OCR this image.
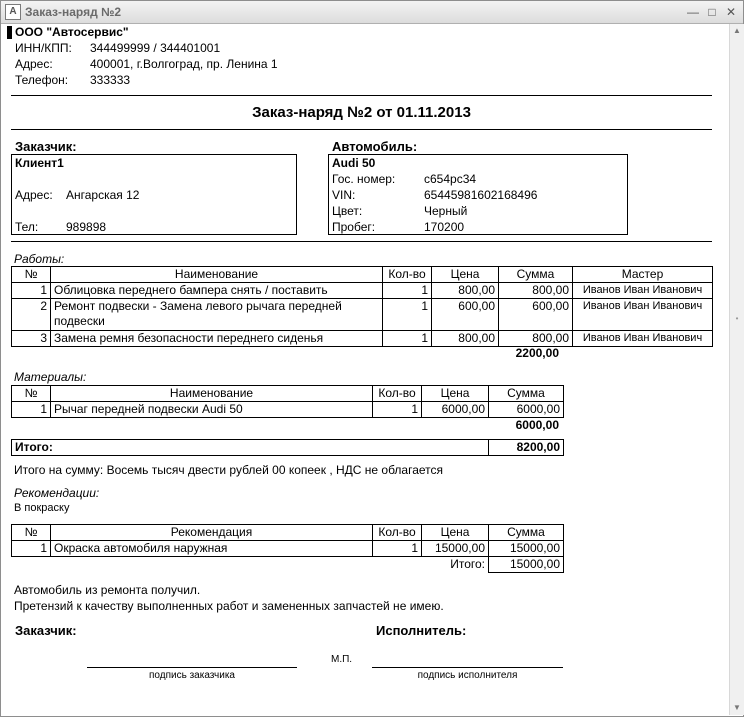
A Заказ-наряд №2	— □ ✕
▲
•
▼
ООО "Автосервис"
ИНН/КПП: 344499999 / 344401001
Адрес:	400001, г.Волгоград, пр. Ленина 1
Телефон: 333333
Заказ-наряд №2 от 01.11.2013
Заказчик:
Клиент1
Адрес: Ангарская 12
Тел: 989898
Автомобиль:
Audi 50
Гос. номер: с654рс34
VIN:	65445981602168496
Цвет:	Черный
Пробег:	170200
Работы:
№	Наименование	Кол-во	Цена	Сумма	Мастер
1	Облицовка переднего бампера снять / поставить	1	800,00	800,00	Иванов Иван Иванович
2	Ремонт подвески - Замена левого рычага передней подвески	1	600,00	600,00	Иванов Иван Иванович
3	Замена ремня безопасности переднего сиденья	1	800,00	800,00	Иванов Иван Иванович
2200,00
Материалы:
№	Наименование	Кол-во	Цена	Сумма
1	Рычаг передней подвески Audi 50	1	6000,00	6000,00
6000,00
Итого:	8200,00
Итого на сумму: Восемь тысяч двести рублей 00 копеек , НДС не облагается
Рекомендации:
В покраску
№	Рекомендация	Кол-во	Цена	Сумма
1	Окраска автомобиля наружная	1	15000,00	15000,00
Итого:				15000,00
Автомобиль из ремонта получил.
Претензий к качеству выполненных работ и замененных запчастей не имею.
Заказчик:	Исполнитель:
подпись заказчика
М.П.
подпись исполнителя
